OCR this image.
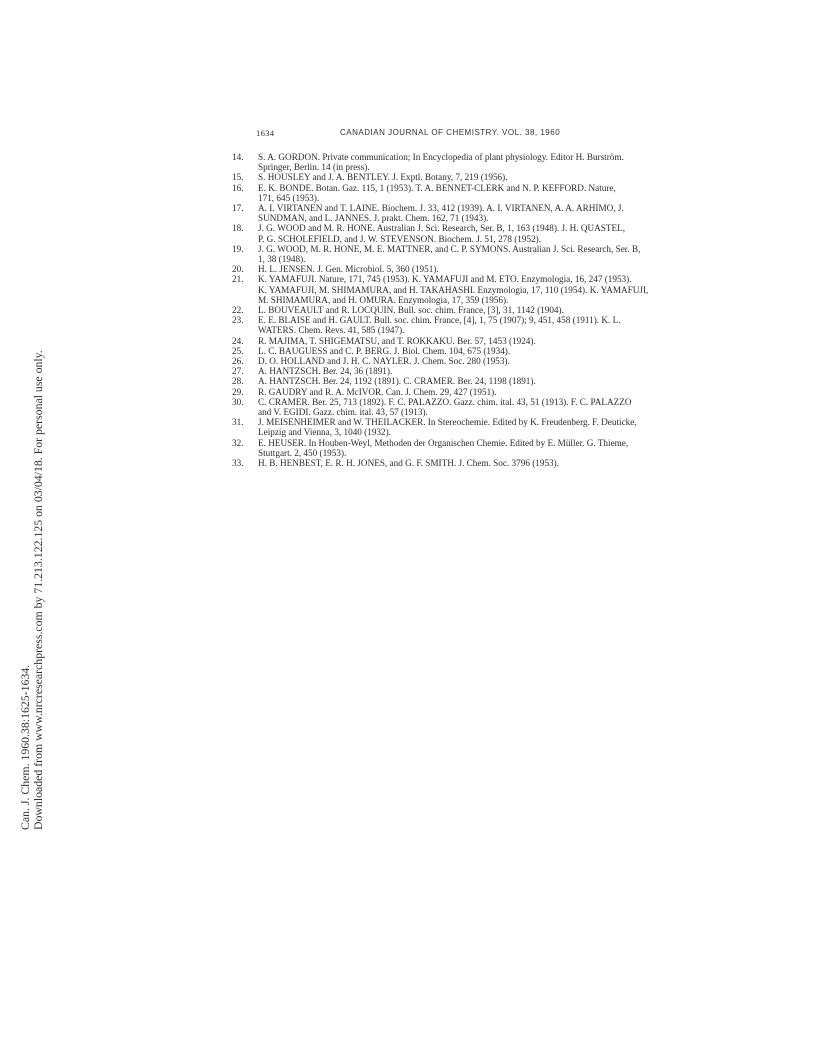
Can. J. Chem. 1960.38:1625-1634. Downloaded from www.nrcresearchpress.com by 71.213.122.125 on 03/04/18. For personal use only.
1634	CANADIAN JOURNAL OF CHEMISTRY. VOL. 38, 1960
14.	S. A. GORDON. Private communication; In Encyclopedia of plant physiology. Editor H. Burström.
Springer, Berlin. 14 (in press).
15.	S. HOUSLEY and J. A. BENTLEY. J. Exptl. Botany, 7, 219 (1956).
16.	E. K. BONDE. Botan. Gaz. 115, 1 (1953). T. A. BENNET-CLERK and N. P. KEFFORD. Nature,
171, 645 (1953).
17.	A. I. VIRTANEN and T. LAINE. Biochem. J. 33, 412 (1939). A. I. VIRTANEN, A. A. ARHIMO, J.
SUNDMAN, and L. JANNES. J. prakt. Chem. 162, 71 (1943).
18.	J. G. WOOD and M. R. HONE. Australian J. Sci. Research, Ser. B, 1, 163 (1948). J. H. QUASTEL,
P. G. SCHOLEFIELD, and J. W. STEVENSON. Biochem. J. 51, 278 (1952).
19.	J. G. WOOD, M. R. HONE, M. E. MATTNER, and C. P. SYMONS. Australian J. Sci. Research, Ser. B,
1, 38 (1948).
20.	H. L. JENSEN. J. Gen. Microbiol. 5, 360 (1951).
21.	K. YAMAFUJI. Nature, 171, 745 (1953). K. YAMAFUJI and M. ETO. Enzymologia, 16, 247 (1953).
K. YAMAFUJI, M. SHIMAMURA, and H. TAKAHASHI. Enzymologia, 17, 110 (1954). K. YAMAFUJI,
M. SHIMAMURA, and H. OMURA. Enzymologia, 17, 359 (1956).
22.	L. BOUVEAULT and R. LOCQUIN. Bull. soc. chim. France, [3], 31, 1142 (1904).
23.	E. E. BLAISE and H. GAULT. Bull. soc. chim. France, [4], 1, 75 (1907); 9, 451, 458 (1911). K. L.
WATERS. Chem. Revs. 41, 585 (1947).
24.	R. MAJIMA, T. SHIGEMATSU, and T. ROKKAKU. Ber. 57, 1453 (1924).
25.	L. C. BAUGUESS and C. P. BERG. J. Biol. Chem. 104, 675 (1934).
26.	D. O. HOLLAND and J. H. C. NAYLER. J. Chem. Soc. 280 (1953).
27.	A. HANTZSCH. Ber. 24, 36 (1891).
28.	A. HANTZSCH. Ber. 24, 1192 (1891). C. CRAMER. Ber. 24, 1198 (1891).
29.	R. GAUDRY and R. A. McIVOR. Can. J. Chem. 29, 427 (1951).
30.	C. CRAMER. Ber. 25, 713 (1892). F. C. PALAZZO. Gazz. chim. ital. 43, 51 (1913). F. C. PALAZZO
and V. EGIDI. Gazz. chim. ital. 43, 57 (1913).
31.	J. MEISENHEIMER and W. THEILACKER. In Stereochemie. Edited by K. Freudenberg. F. Deuticke,
Leipzig and Vienna, 3, 1040 (1932).
32.	E. HEUSER. In Houben-Weyl, Methoden der Organischen Chemie. Edited by E. Müller. G. Thieme,
Stuttgart. 2, 450 (1953).
33.	H. B. HENBEST, E. R. H. JONES, and G. F. SMITH. J. Chem. Soc. 3796 (1953).
